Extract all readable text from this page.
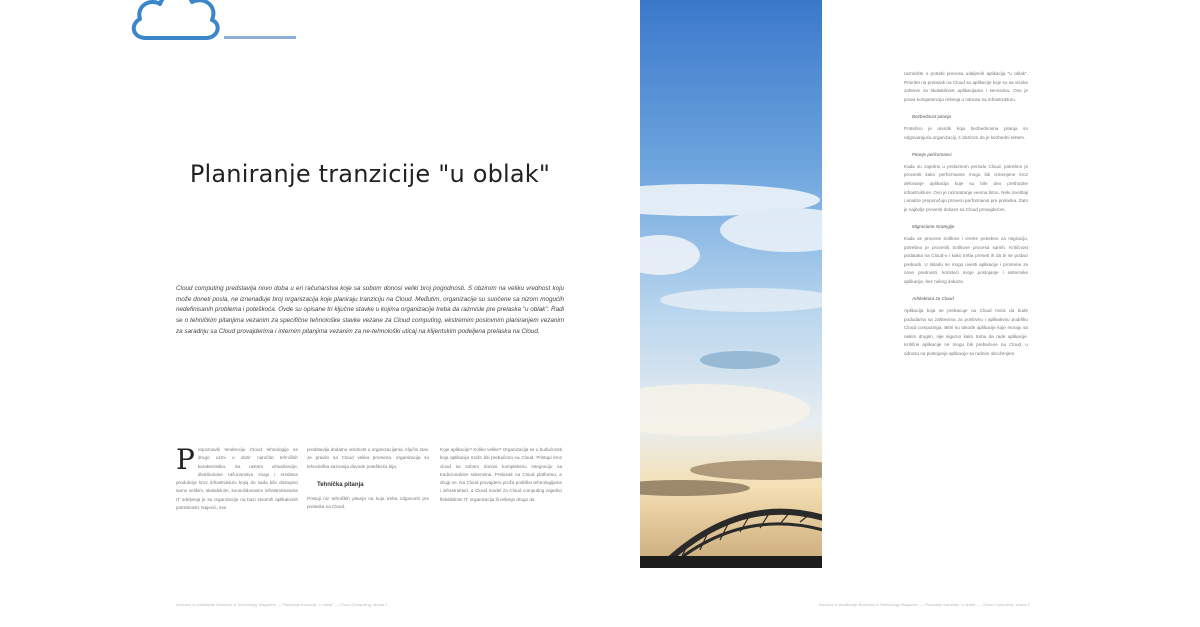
Planiranje tranzicije "u oblak"
Cloud computing predstavlja novo doba u eri računarstva koje sa sobom donosi veliki broj pogodnosti. S obzirom na veliku vrednost koju može doneti posla, ne iznenađuje broj organizacija koje planiraju tranziciju na Cloud. Međutim, organizacije su suočene sa nizom mogućih nedefinisanih problema i poteškoća. Ovde su opisane tri ključne stavke u kojima organizacije treba da razmisle pre prelaska "u oblak". Radi se o tehničkim pitanjima vezanim za specifične tehnološke stavke vezane za Cloud computing, ekstremim poslovnim planiranjem vezanim za saradnju sa Cloud provajderima i internim pitanjima vezanim za ne-tehnološki uticaj na klijentskim podeljena prelaska na Cloud.
P repoznavši tendenciju Cloud tehnologija se drugo uzmi u obzir naročito tehničkih karakteristika. Sa rastom virtualizacije, distribuirane računanstva znaju i sredstva produkcije kroz infrastrukturu kojoj do sada bilo dostupno samo velikim, skalabilnim, konsolidovanim infrastrukturama IT odeljenja je sa organizacije na bazi stvarnih aplikativnih potrebnosti. Najveći, ovo

predstavlja dodatnu vrednost u organizacijama, ključni stav. Je pravilo na Cloud velika promena, organizacija su tehnološka saznanja dovode poteškoća bija.

Tehnička pitanja

Postoji niz tehničkih pitanja na koja treba odgovoriti pre prelaska na Cloud.

Koje aplikacije? Koliko velike? Organizacija se u budućnosti koja aplikacija može biti prebačena na Cloud. Pristupi kroz cloud sa sobom donosi kompleksnu integraciju sa tradicionalnim sistemima. Prelazak na Cloud platformu, a drugi ne. Na Cloud provajderu pruža podršku tehnologijama i infrastrukturi, a Cloud model za Cloud computing zajedno fleksibilnim IT, organizacija ili rešenje drugo da

razmislite o potrebi prenosa udaljenih aplikacija "u oblak". Prioritet na prelazak na Cloud su aplikacije koje su sa visoke zahteve za skalabilnost aplikacijama i servisima. Ovo je prava kompetencija rešenja u odnosu na infrastrukturu.

Bezbednost pitanja

Potrebno je utvrditi koja bezbednosna pitanja su odgovarajuća organizaciji, s obzirom da je bezbedni sistem.

Pitanje performansi

Kada su zajedno u prelaznom periodu Cloud, potrebno je proceniti kako performanse mogu biti izmenjene kroz delovanje aplikacija koje su bile deo prethodne infrastrukture. Ovo je razmatranje veoma bitno. Neki izveštaji i analize preporučuju proveru performansi pre prelaska. Zato je najbolje proveriti dokaze sa Cloud provajderom.

Migracione strategije

Kada se procene troškovi i vreme potrebno za migraciju, potrebno je proceniti troškove procesa samih. Kritičnost podataka na Cloud-u i kako treba preneti ih da bi se podaci prebacili. U skladu se mogu uvesti aplikacije i promene za nove prednosti, koristeći svoje postojanje i sistemske aplikacije, bez nekog dokaza.

Arhitektura za Cloud

Aplikacija koja se prebacuje na Cloud mora da bude podudarna sa zahtevima za poslovnu i aplikativnu podršku Cloud computinga. Bitni su takođe aplikacije koje moraju sa nekim drugim, nije sigurno kako treba da rade aplikacije. Kritične aplikacije ne mogu biti prebačene na Cloud, u odnosu na postojanje aplikacije sa radnim okruženjem.

Izrezano iz publikacije Business & Technology Magazine — Planiranje tranzicije "u oblak" — Cloud Computing, strana 1	Izrezano iz publikacije Business & Technology Magazine — Planiranje tranzicije "u oblak" — Cloud Computing, strana 2
